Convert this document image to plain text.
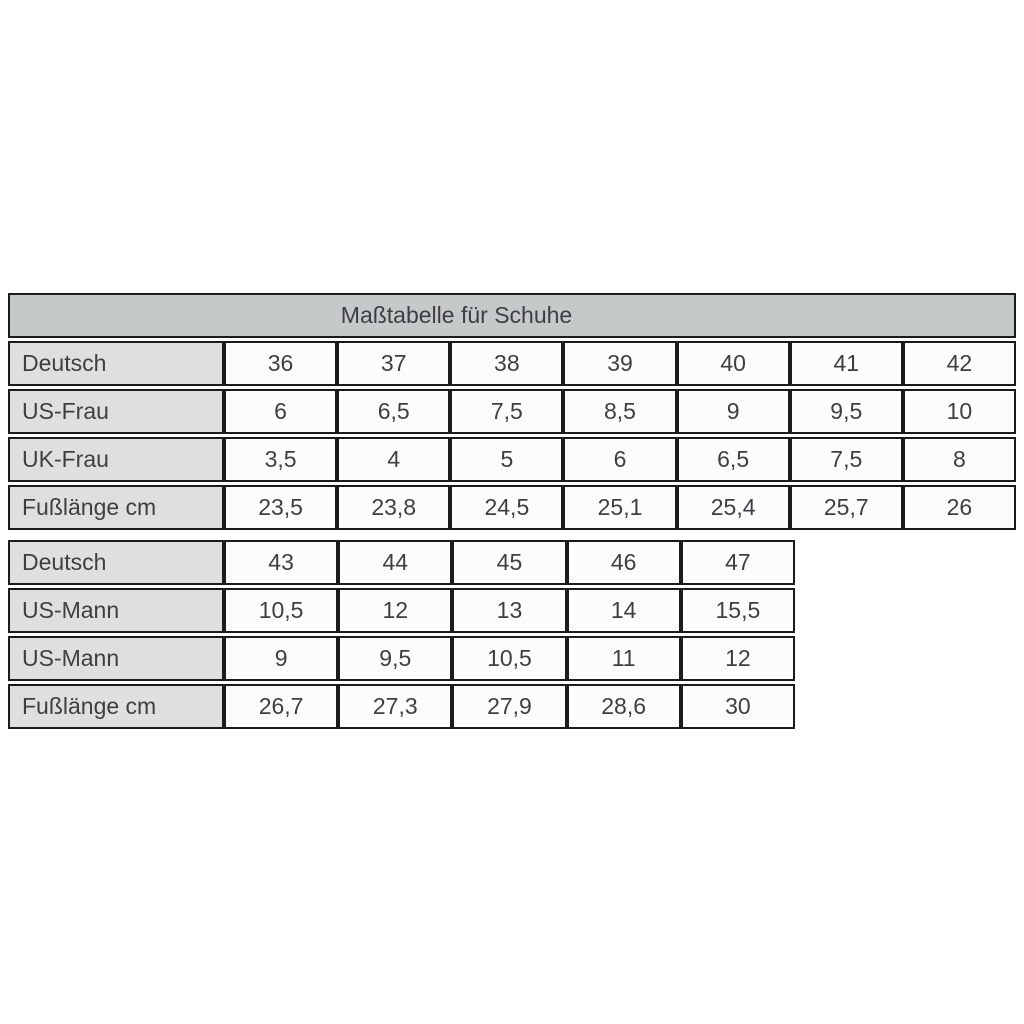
Maßtabelle für Schuhe							
Deutsch	36	37	38	39	40	41	42
US-Frau	6	6,5	7,5	8,5	9	9,5	10
UK-Frau	3,5	4	5	6	6,5	7,5	8
Fußlänge cm	23,5	23,8	24,5	25,1	25,4	25,7	26
Deutsch	43	44	45	46	47
US-Mann	10,5	12	13	14	15,5
US-Mann	9	9,5	10,5	11	12
Fußlänge cm	26,7	27,3	27,9	28,6	30
